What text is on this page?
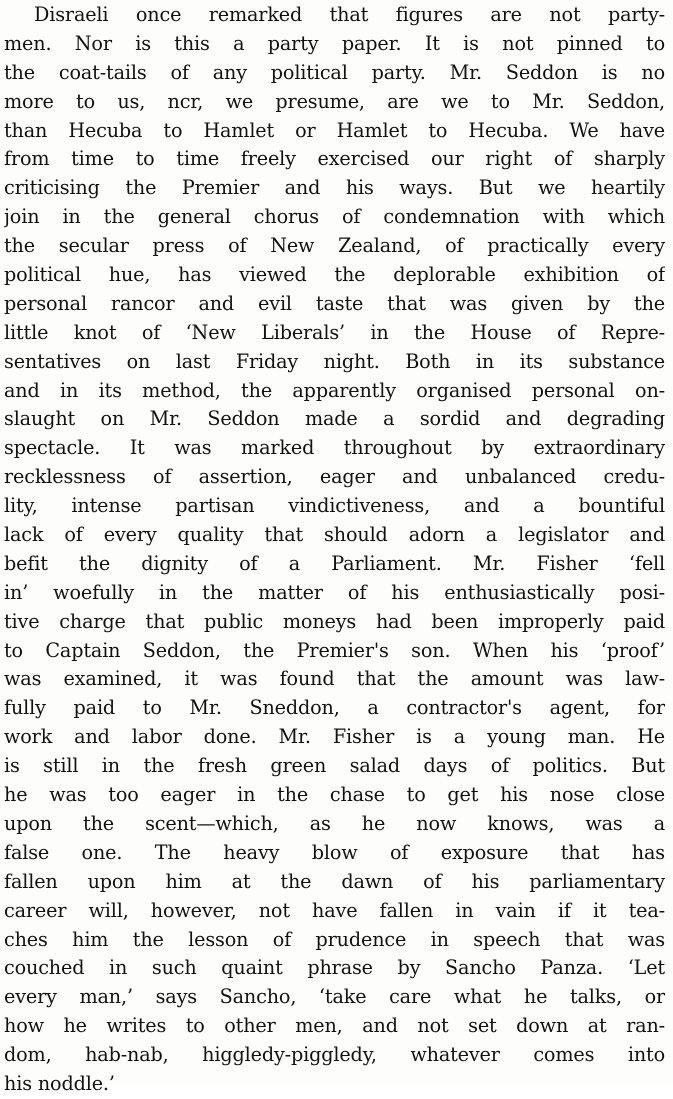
Disraeli once remarked that figures are not party-
men. Nor is this a party paper. It is not pinned to
the coat-tails of any political party. Mr. Seddon is no
more to us, ncr, we presume, are we to Mr. Seddon,
than Hecuba to Hamlet or Hamlet to Hecuba. We have
from time to time freely exercised our right of sharply
criticising the Premier and his ways. But we heartily
join in the general chorus of condemnation with which
the secular press of New Zealand, of practically every
political hue, has viewed the deplorable exhibition of
personal rancor and evil taste that was given by the
little knot of ‘New Liberals’ in the House of Repre-
sentatives on last Friday night. Both in its substance
and in its method, the apparently organised personal on-
slaught on Mr. Seddon made a sordid and degrading
spectacle. It was marked throughout by extraordinary
recklessness of assertion, eager and unbalanced credu-
lity, intense partisan vindictiveness, and a bountiful
lack of every quality that should adorn a legislator and
befit the dignity of a Parliament. Mr. Fisher ‘fell
in’ woefully in the matter of his enthusiastically posi-
tive charge that public moneys had been improperly paid
to Captain Seddon, the Premier's son. When his ‘proof’
was examined, it was found that the amount was law-
fully paid to Mr. Sneddon, a contractor's agent, for
work and labor done. Mr. Fisher is a young man. He
is still in the fresh green salad days of politics. But
he was too eager in the chase to get his nose close
upon the scent—which, as he now knows, was a
false one. The heavy blow of exposure that has
fallen upon him at the dawn of his parliamentary
career will, however, not have fallen in vain if it tea-
ches him the lesson of prudence in speech that was
couched in such quaint phrase by Sancho Panza. ‘Let
every man,’ says Sancho, ‘take care what he talks, or
how he writes to other men, and not set down at ran-
dom, hab-nab, higgledy-piggledy, whatever comes into
his noddle.’
